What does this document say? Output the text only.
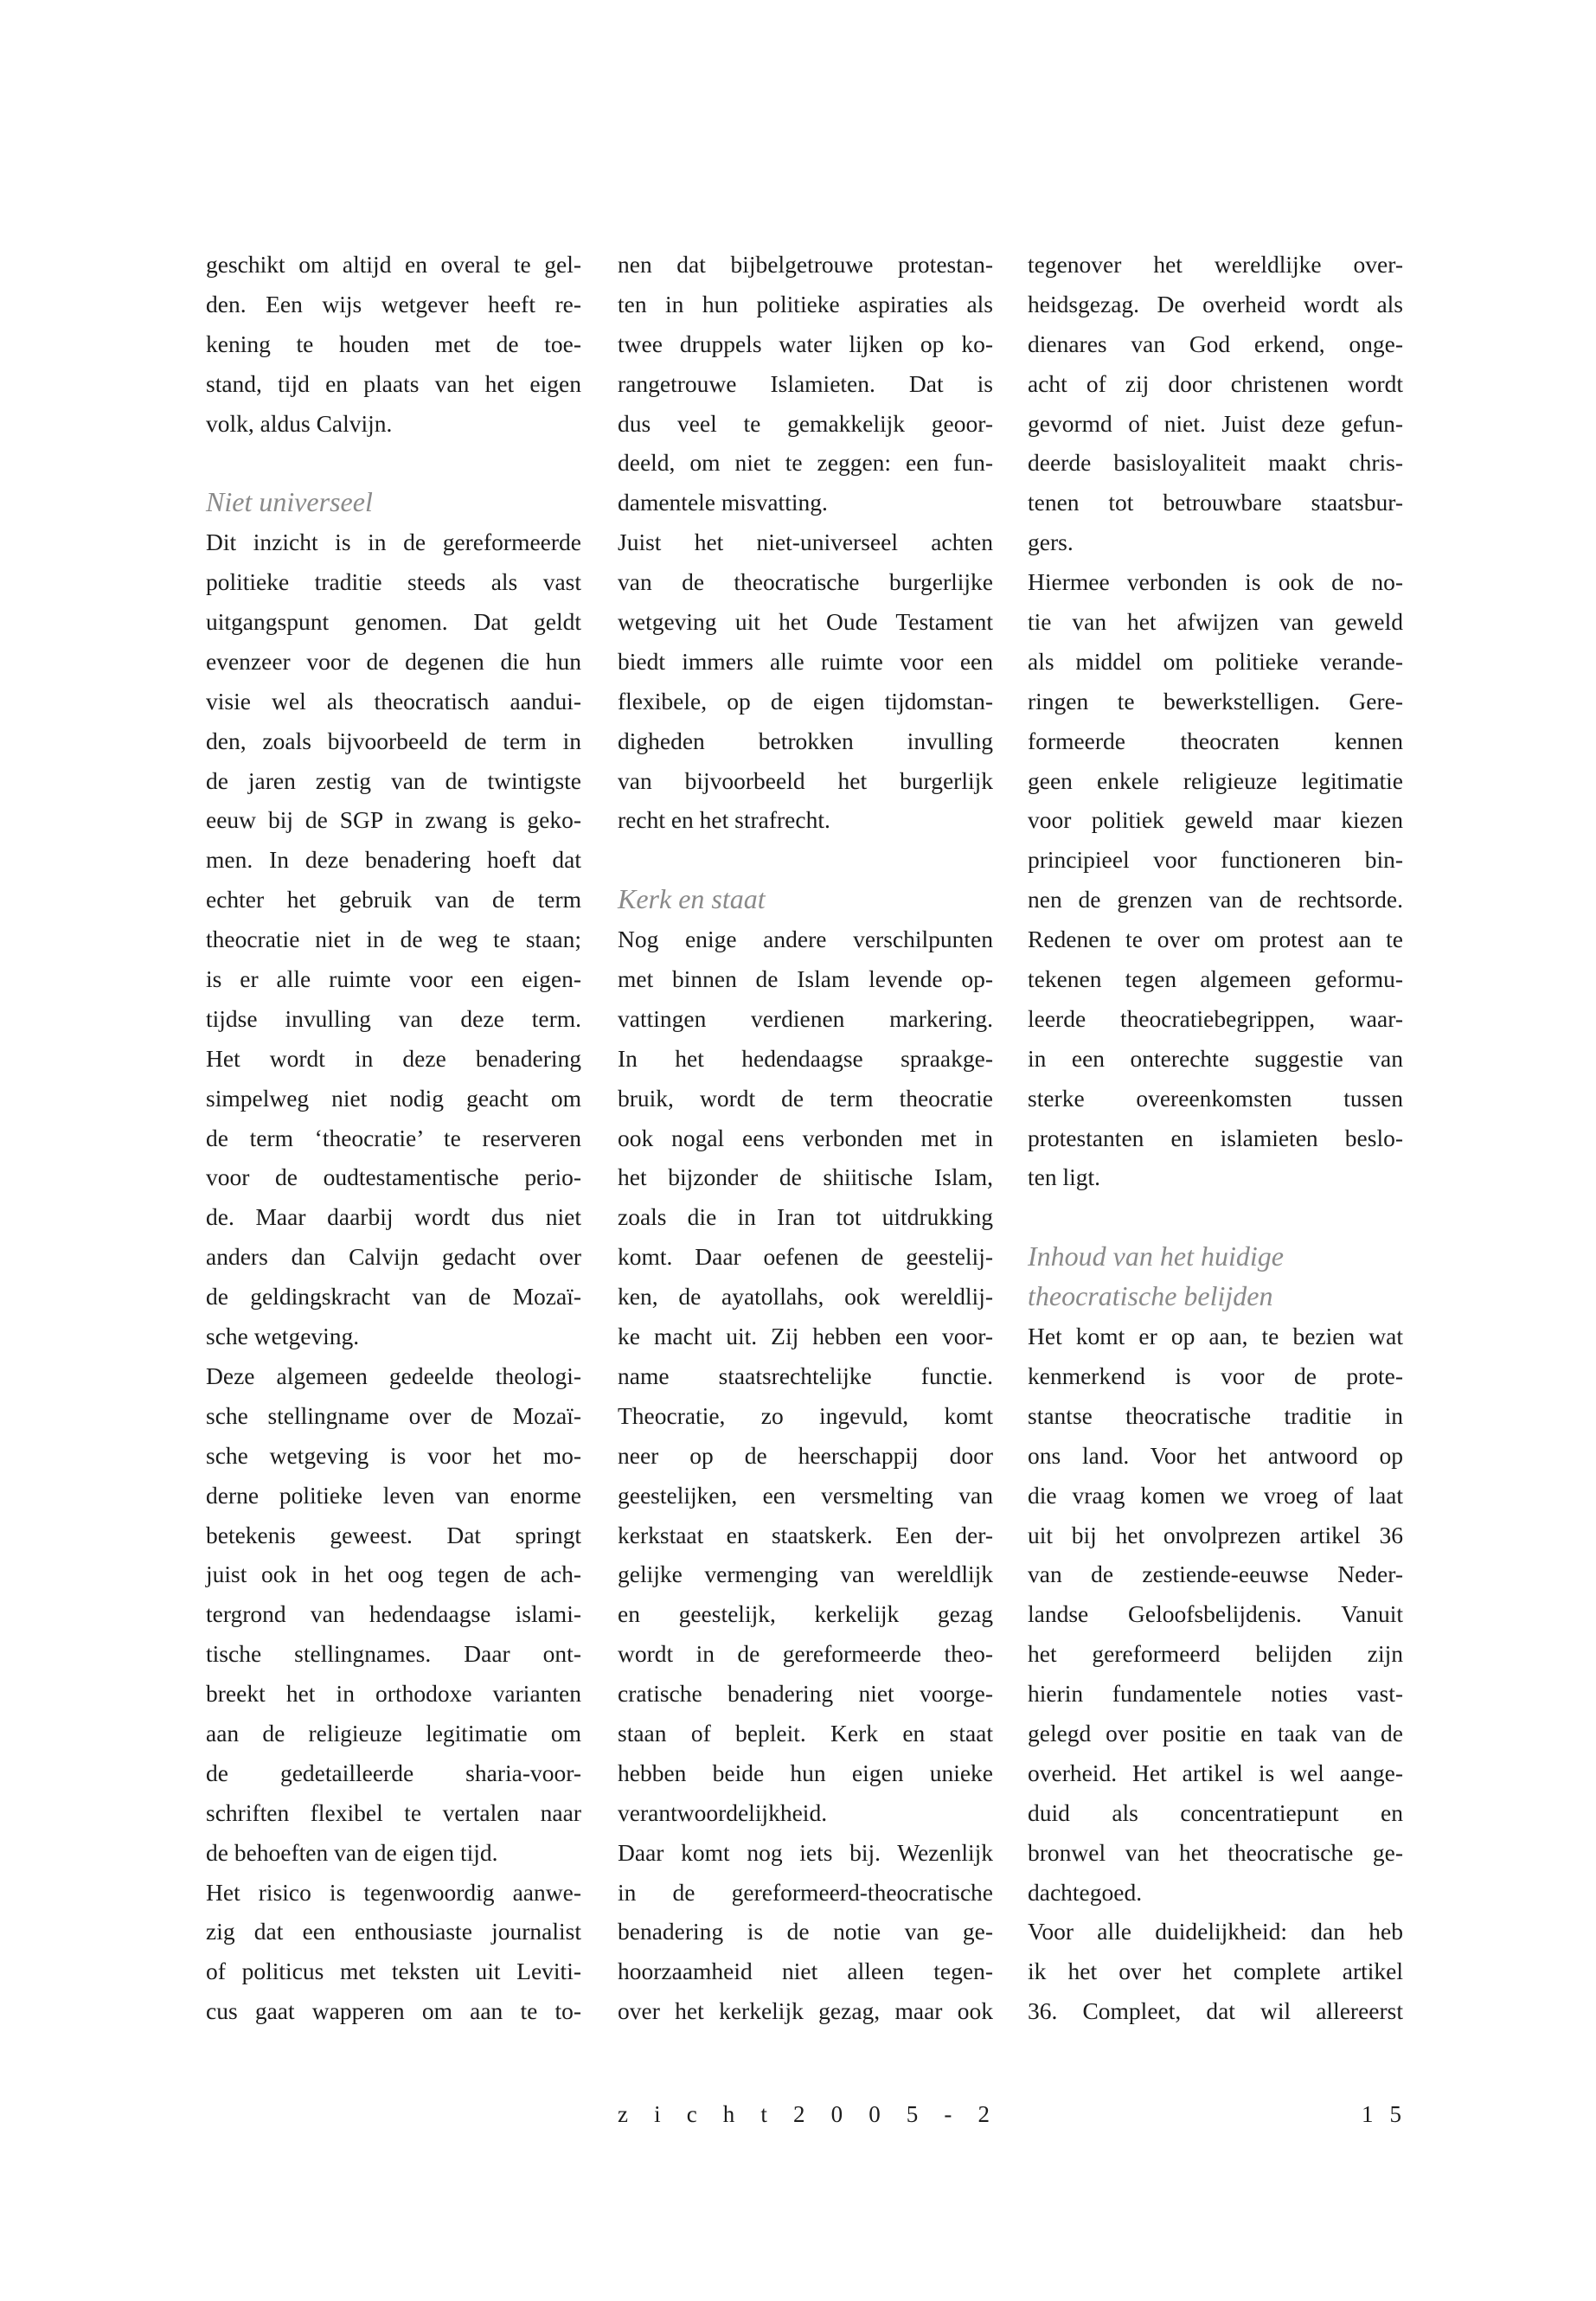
geschikt om altijd en overal te gel-
den. Een wijs wetgever heeft re-
kening te houden met de toe-
stand, tijd en plaats van het eigen
volk, aldus Calvijn.
Niet universeel
Dit inzicht is in de gereformeerde
politieke traditie steeds als vast
uitgangspunt genomen. Dat geldt
evenzeer voor de degenen die hun
visie wel als theocratisch aandui-
den, zoals bijvoorbeeld de term in
de jaren zestig van de twintigste
eeuw bij de SGP in zwang is geko-
men. In deze benadering hoeft dat
echter het gebruik van de term
theocratie niet in de weg te staan;
is er alle ruimte voor een eigen-
tijdse invulling van deze term.
Het wordt in deze benadering
simpelweg niet nodig geacht om
de term ‘theocratie’ te reserveren
voor de oudtestamentische perio-
de. Maar daarbij wordt dus niet
anders dan Calvijn gedacht over
de geldingskracht van de Mozaï-
sche wetgeving.
Deze algemeen gedeelde theologi-
sche stellingname over de Mozaï-
sche wetgeving is voor het mo-
derne politieke leven van enorme
betekenis geweest. Dat springt
juist ook in het oog tegen de ach-
tergrond van hedendaagse islami-
tische stellingnames. Daar ont-
breekt het in orthodoxe varianten
aan de religieuze legitimatie om
de gedetailleerde sharia-voor-
schriften flexibel te vertalen naar
de behoeften van de eigen tijd.
Het risico is tegenwoordig aanwe-
zig dat een enthousiaste journalist
of politicus met teksten uit Leviti-
cus gaat wapperen om aan te to-
nen dat bijbelgetrouwe protestan-
ten in hun politieke aspiraties als
twee druppels water lijken op ko-
rangetrouwe Islamieten. Dat is
dus veel te gemakkelijk geoor-
deeld, om niet te zeggen: een fun-
damentele misvatting.
Juist het niet-universeel achten
van de theocratische burgerlijke
wetgeving uit het Oude Testament
biedt immers alle ruimte voor een
flexibele, op de eigen tijdomstan-
digheden betrokken invulling
van bijvoorbeeld het burgerlijk
recht en het strafrecht.
Kerk en staat
Nog enige andere verschilpunten
met binnen de Islam levende op-
vattingen verdienen markering.
In het hedendaagse spraakge-
bruik, wordt de term theocratie
ook nogal eens verbonden met in
het bijzonder de shiitische Islam,
zoals die in Iran tot uitdrukking
komt. Daar oefenen de geestelij-
ken, de ayatollahs, ook wereldlij-
ke macht uit. Zij hebben een voor-
name staatsrechtelijke functie.
Theocratie, zo ingevuld, komt
neer op de heerschappij door
geestelijken, een versmelting van
kerkstaat en staatskerk. Een der-
gelijke vermenging van wereldlijk
en geestelijk, kerkelijk gezag
wordt in de gereformeerde theo-
cratische benadering niet voorge-
staan of bepleit. Kerk en staat
hebben beide hun eigen unieke
verantwoordelijkheid.
Daar komt nog iets bij. Wezenlijk
in de gereformeerd-theocratische
benadering is de notie van ge-
hoorzaamheid niet alleen tegen-
over het kerkelijk gezag, maar ook
tegenover het wereldlijke over-
heidsgezag. De overheid wordt als
dienares van God erkend, onge-
acht of zij door christenen wordt
gevormd of niet. Juist deze gefun-
deerde basisloyaliteit maakt chris-
tenen tot betrouwbare staatsbur-
gers.
Hiermee verbonden is ook de no-
tie van het afwijzen van geweld
als middel om politieke verande-
ringen te bewerkstelligen. Gere-
formeerde theocraten kennen
geen enkele religieuze legitimatie
voor politiek geweld maar kiezen
principieel voor functioneren bin-
nen de grenzen van de rechtsorde.
Redenen te over om protest aan te
tekenen tegen algemeen geformu-
leerde theocratiebegrippen, waar-
in een onterechte suggestie van
sterke overeenkomsten tussen
protestanten en islamieten beslo-
ten ligt.
Inhoud van het huidige
theocratische belijden
Het komt er op aan, te bezien wat
kenmerkend is voor de prote-
stantse theocratische traditie in
ons land. Voor het antwoord op
die vraag komen we vroeg of laat
uit bij het onvolprezen artikel 36
van de zestiende-eeuwse Neder-
landse Geloofsbelijdenis. Vanuit
het gereformeerd belijden zijn
hierin fundamentele noties vast-
gelegd over positie en taak van de
overheid. Het artikel is wel aange-
duid als concentratiepunt en
bronwel van het theocratische ge-
dachtegoed.
Voor alle duidelijkheid: dan heb
ik het over het complete artikel
36. Compleet, dat wil allereerst
z i c h t 2 0 0 5 - 2	1 5
